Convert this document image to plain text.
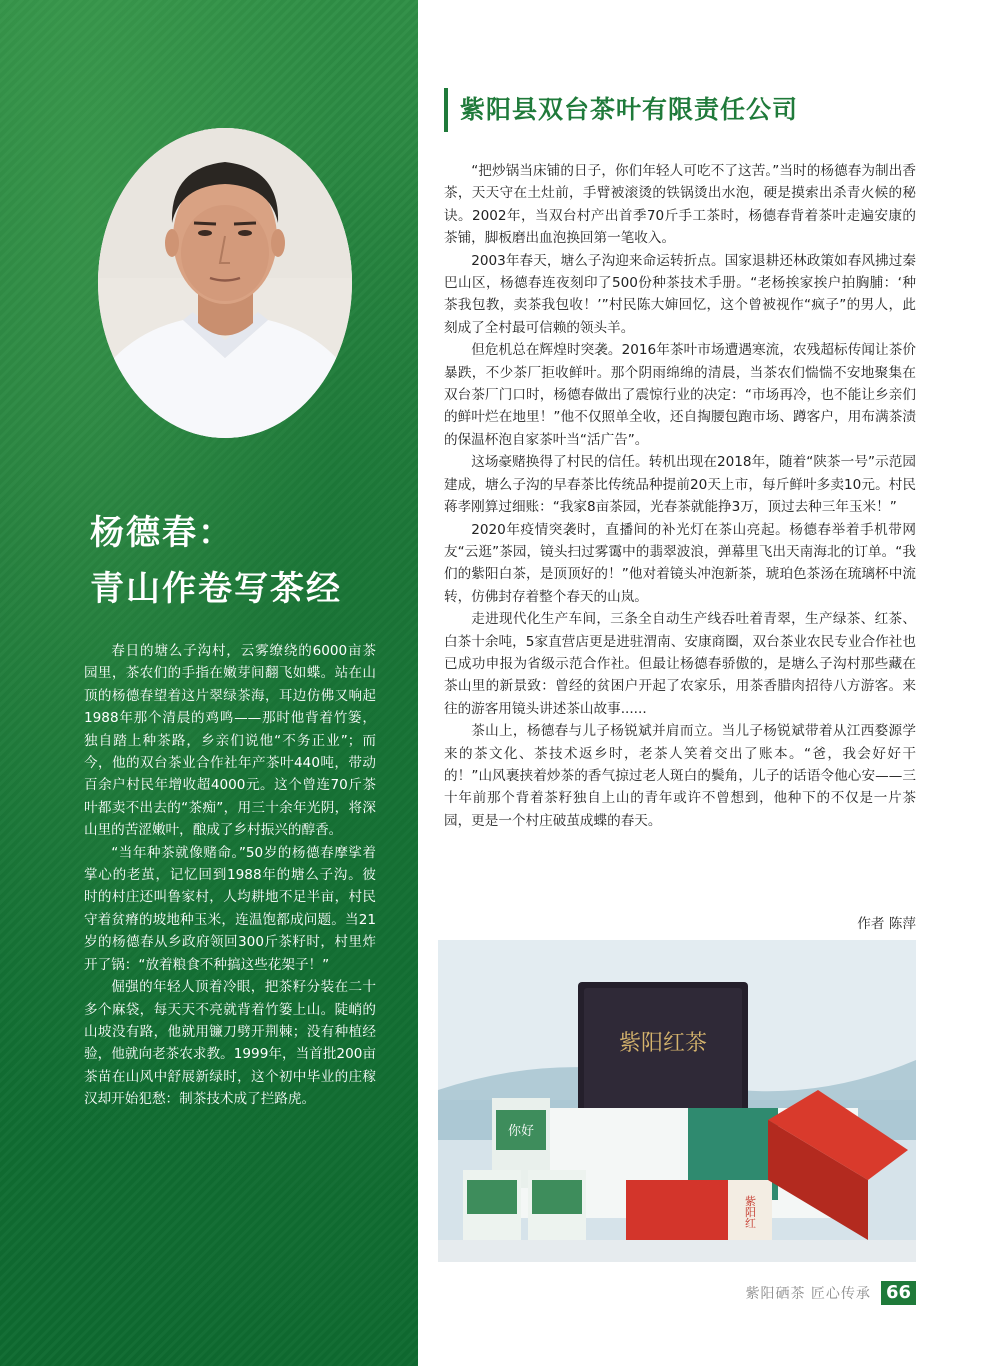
杨德春：
青山作卷写茶经

春日的塘么子沟村，云雾缭绕的6000亩茶园里，茶农们的手指在嫩芽间翻飞如蝶。站在山顶的杨德春望着这片翠绿茶海，耳边仿佛又响起1988年那个清晨的鸡鸣——那时他背着竹篓，独自踏上种茶路，乡亲们说他“不务正业”；而今，他的双台茶业合作社年产茶叶440吨，带动百余户村民年增收超4000元。这个曾连70斤茶叶都卖不出去的“茶痴”，用三十余年光阴，将深山里的苦涩嫩叶，酿成了乡村振兴的醇香。

“当年种茶就像赌命。”50岁的杨德春摩挲着掌心的老茧，记忆回到1988年的塘么子沟。彼时的村庄还叫鲁家村，人均耕地不足半亩，村民守着贫瘠的坡地种玉米，连温饱都成问题。当21岁的杨德春从乡政府领回300斤茶籽时，村里炸开了锅：“放着粮食不种搞这些花架子！”

倔强的年轻人顶着冷眼，把茶籽分装在二十多个麻袋，每天天不亮就背着竹篓上山。陡峭的山坡没有路，他就用镰刀劈开荆棘；没有种植经验，他就向老茶农求教。1999年，当首批200亩茶苗在山风中舒展新绿时，这个初中毕业的庄稼汉却开始犯愁：制茶技术成了拦路虎。

紫阳县双台茶叶有限责任公司

“把炒锅当床铺的日子，你们年轻人可吃不了这苦。”当时的杨德春为制出香茶，天天守在土灶前，手臂被滚烫的铁锅烫出水泡，硬是摸索出杀青火候的秘诀。2002年，当双台村产出首季70斤手工茶时，杨德春背着茶叶走遍安康的茶铺，脚板磨出血泡换回第一笔收入。

2003年春天，塘么子沟迎来命运转折点。国家退耕还林政策如春风拂过秦巴山区，杨德春连夜刻印了500份种茶技术手册。“老杨挨家挨户拍胸脯：‘种茶我包教，卖茶我包收！’”村民陈大婶回忆，这个曾被视作“疯子”的男人，此刻成了全村最可信赖的领头羊。

但危机总在辉煌时突袭。2016年茶叶市场遭遇寒流，农残超标传闻让茶价暴跌，不少茶厂拒收鲜叶。那个阴雨绵绵的清晨，当茶农们惴惴不安地聚集在双台茶厂门口时，杨德春做出了震惊行业的决定：“市场再冷，也不能让乡亲们的鲜叶烂在地里！”他不仅照单全收，还自掏腰包跑市场、蹲客户，用布满茶渍的保温杯泡自家茶叶当“活广告”。

这场豪赌换得了村民的信任。转机出现在2018年，随着“陕茶一号”示范园建成，塘么子沟的早春茶比传统品种提前20天上市，每斤鲜叶多卖10元。村民蒋孝刚算过细账：“我家8亩茶园，光春茶就能挣3万，顶过去种三年玉米！”

2020年疫情突袭时，直播间的补光灯在茶山亮起。杨德春举着手机带网友“云逛”茶园，镜头扫过雾霭中的翡翠波浪，弹幕里飞出天南海北的订单。“我们的紫阳白茶，是顶顶好的！”他对着镜头冲泡新茶，琥珀色茶汤在琉璃杯中流转，仿佛封存着整个春天的山岚。

走进现代化生产车间，三条全自动生产线吞吐着青翠，生产绿茶、红茶、白茶十余吨，5家直营店更是进驻渭南、安康商圈，双台茶业农民专业合作社也已成功申报为省级示范合作社。但最让杨德春骄傲的，是塘么子沟村那些藏在茶山里的新景致：曾经的贫困户开起了农家乐，用茶香腊肉招待八方游客。来往的游客用镜头讲述茶山故事......

茶山上，杨德春与儿子杨锐斌并肩而立。当儿子杨锐斌带着从江西婺源学来的茶文化、茶技术返乡时，老茶人笑着交出了账本。“爸，我会好好干的！”山风裹挟着炒茶的香气掠过老人斑白的鬓角，儿子的话语令他心安——三十年前那个背着茶籽独自上山的青年或许不曾想到，他种下的不仅是一片茶园，更是一个村庄破茧成蝶的春天。

作者 陈萍
紫阳红茶
你好
紫阳红
紫阳硒茶 匠心传承 66
